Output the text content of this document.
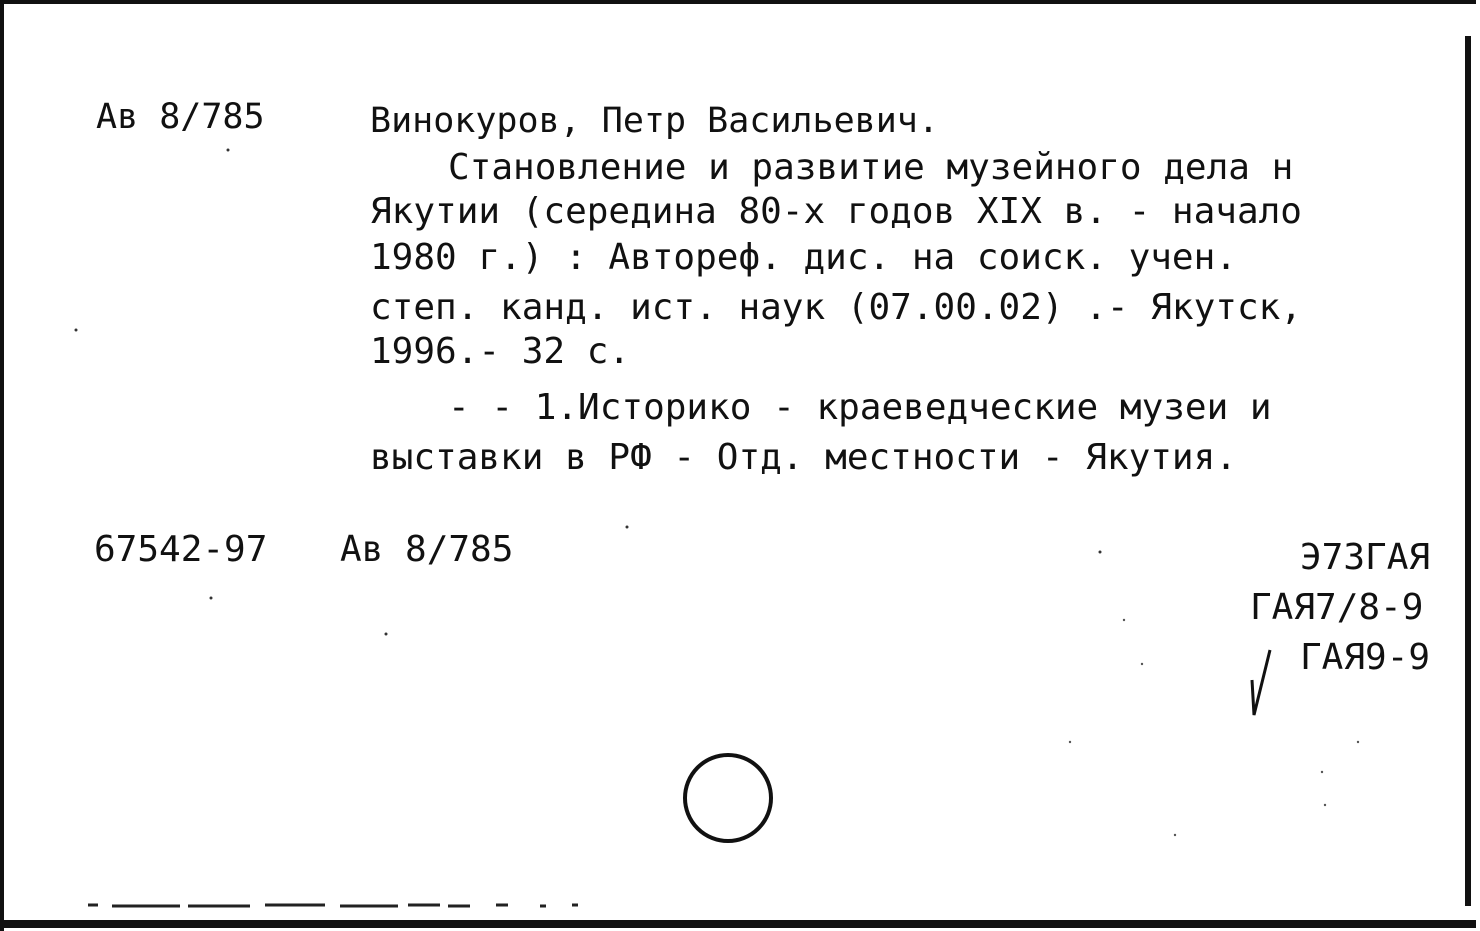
Ав 8/785	Винокуров, Петр Васильевич.
Становление и развитие музейного дела н
Якутии (середина 80-х годов XIX в. - начало
1980 г.) : Автореф. дис. на соиск. учен.
степ. канд. ист. наук (07.00.02) .- Якутск,
1996.- 32 с.
- - 1.Историко - краеведческие музеи и
выставки в РФ - Отд. местности - Якутия.
67542-97 Ав 8/785	Э73ГАЯ
ГАЯ7/8-9
ГАЯ9-9
